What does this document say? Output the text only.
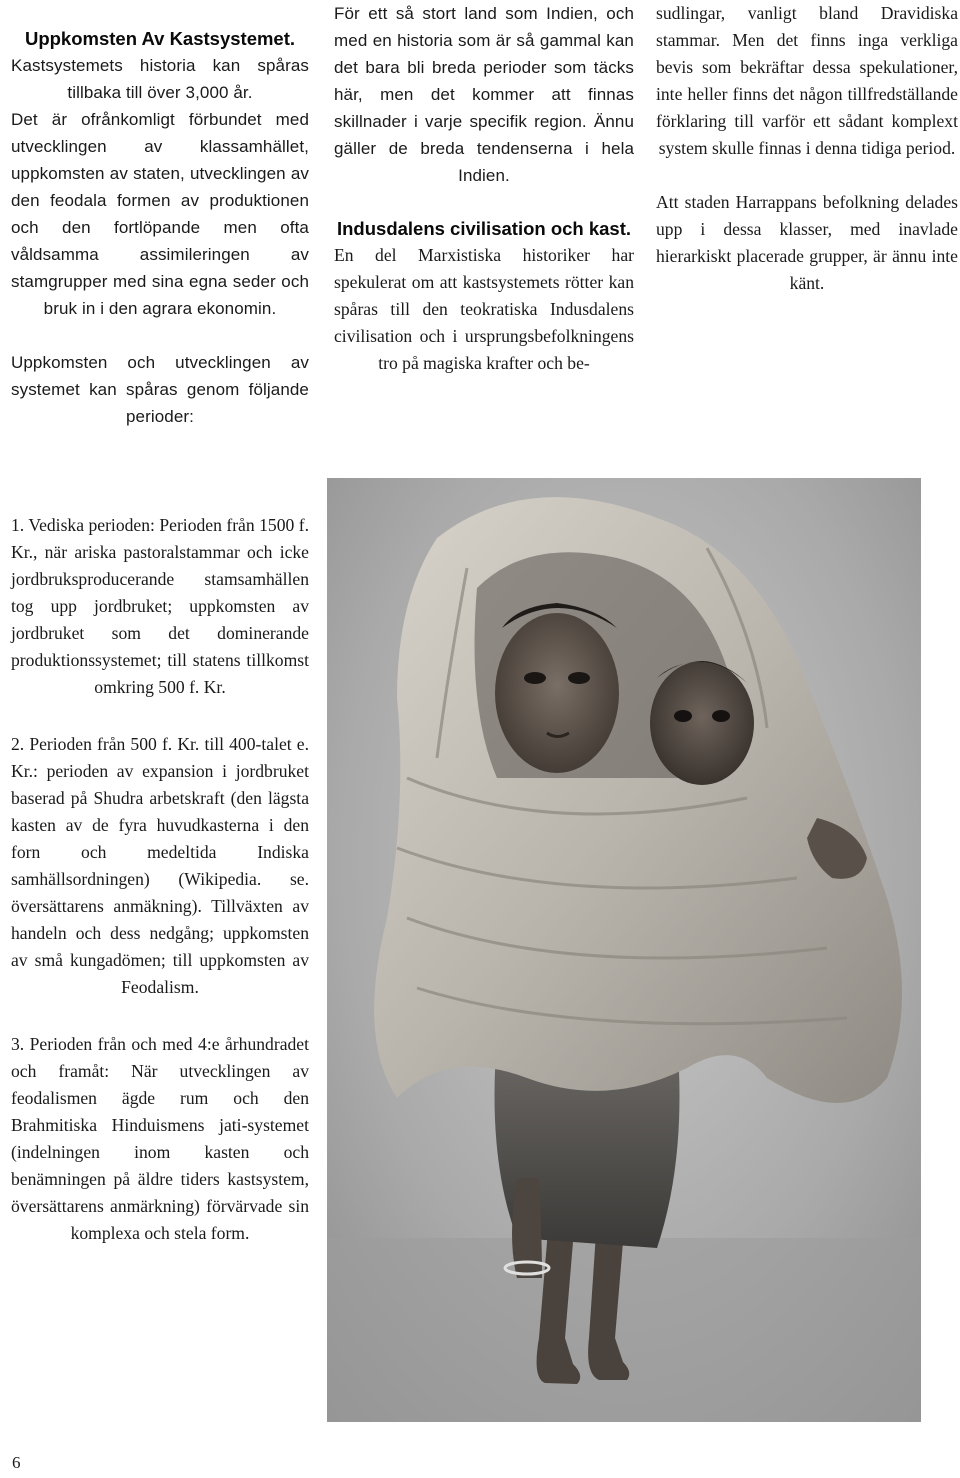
Uppkomsten Av Kastsystemet.

Kastsystemets historia kan spåras tillbaka till över 3,000 år.

Det är ofrånkomligt förbundet med utvecklingen av klassamhället, uppkomsten av staten, utvecklingen av den feodala formen av produktionen och den fortlöpande men ofta våldsamma assimileringen av stamgrupper med sina egna seder och bruk in i den agrara ekonomin.

Uppkomsten och utvecklingen av systemet kan spåras genom följande perioder:

1. Vediska perioden: Perioden från 1500 f. Kr., när ariska pastoralstammar och icke jordbruksproducerande stamsamhällen tog upp jordbruket; uppkomsten av jordbruket som det dominerande produktionssystemet; till statens tillkomst omkring 500 f. Kr.

2. Perioden från 500 f. Kr. till 400-talet e. Kr.: perioden av expansion i jordbruket baserad på Shudra arbetskraft (den lägsta kasten av de fyra huvudkasterna i den forn och medeltida Indiska samhällsordningen) (Wikipedia. se. översättarens anmäkning). Tillväxten av handeln och dess nedgång; uppkomsten av små kungadömen; till uppkomsten av Feodalism.

3. Perioden från och med 4:e århundradet och framåt: När utvecklingen av feodalismen ägde rum och den Brahmitiska Hinduismens jati-systemet (indelningen inom kasten och benämningen på äldre tiders kastsystem, översättarens anmärkning) förvärvade sin komplexa och stela form.

För ett så stort land som Indien, och med en historia som är så gammal kan det bara bli breda perioder som täcks här, men det kommer att finnas skillnader i varje specifik region. Ännu gäller de breda tendenserna i hela Indien.

Indusdalens civilisation och kast.

En del Marxistiska historiker har spekulerat om att kastsystemets rötter kan spåras till den teokratiska Indusdalens civilisation och i ursprungsbefolkningens tro på magiska krafter och be-

sudlingar, vanligt bland Dravidiska stammar. Men det finns inga verkliga bevis som bekräftar dessa spekulationer, inte heller finns det någon tillfredställande förklaring till varför ett sådant komplext system skulle finnas i denna tidiga period.

Att staden Harrappans befolkning delades upp i dessa klasser, med inavlade hierarkiskt placerade grupper, är ännu inte känt.

6
